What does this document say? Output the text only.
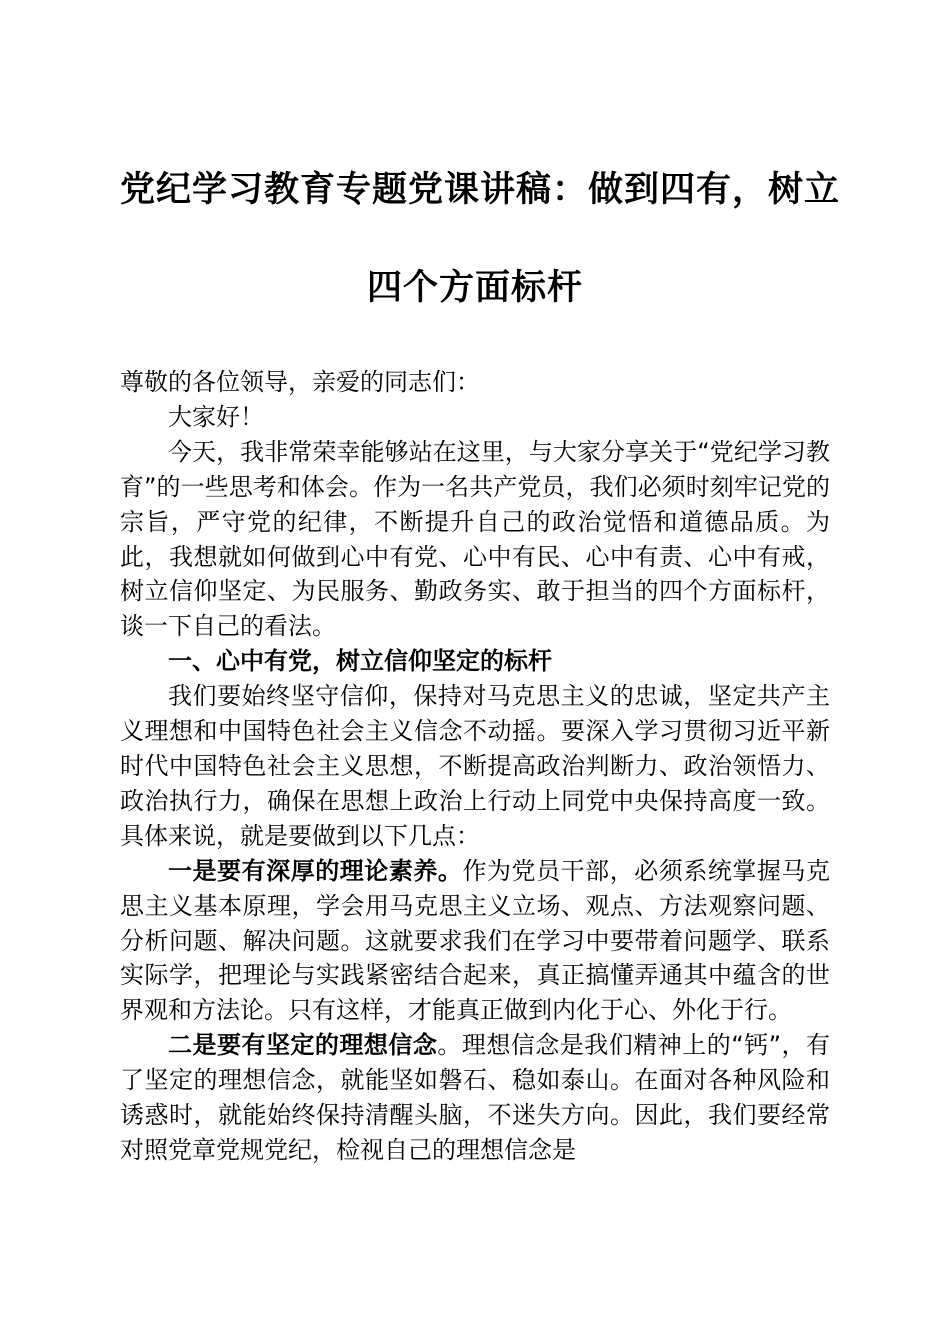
党纪学习教育专题党课讲稿：做到四有，树立
四个方面标杆

尊敬的各位领导，亲爱的同志们：

大家好！

今天，我非常荣幸能够站在这里，与大家分享关于“党纪学习教育”的一些思考和体会。作为一名共产党员，我们必须时刻牢记党的宗旨，严守党的纪律，不断提升自己的政治觉悟和道德品质。为此，我想就如何做到心中有党、心中有民、心中有责、心中有戒，树立信仰坚定、为民服务、勤政务实、敢于担当的四个方面标杆，谈一下自己的看法。

一、心中有党，树立信仰坚定的标杆

我们要始终坚守信仰，保持对马克思主义的忠诚，坚定共产主义理想和中国特色社会主义信念不动摇。要深入学习贯彻习近平新时代中国特色社会主义思想，不断提高政治判断力、政治领悟力、政治执行力，确保在思想上政治上行动上同党中央保持高度一致。具体来说，就是要做到以下几点：

一是要有深厚的理论素养。作为党员干部，必须系统掌握马克思主义基本原理，学会用马克思主义立场、观点、方法观察问题、分析问题、解决问题。这就要求我们在学习中要带着问题学、联系实际学，把理论与实践紧密结合起来，真正搞懂弄通其中蕴含的世界观和方法论。只有这样，才能真正做到内化于心、外化于行。

二是要有坚定的理想信念。理想信念是我们精神上的“钙”，有了坚定的理想信念，就能坚如磐石、稳如泰山。在面对各种风险和诱惑时，就能始终保持清醒头脑，不迷失方向。因此，我们要经常对照党章党规党纪，检视自己的理想信念是
